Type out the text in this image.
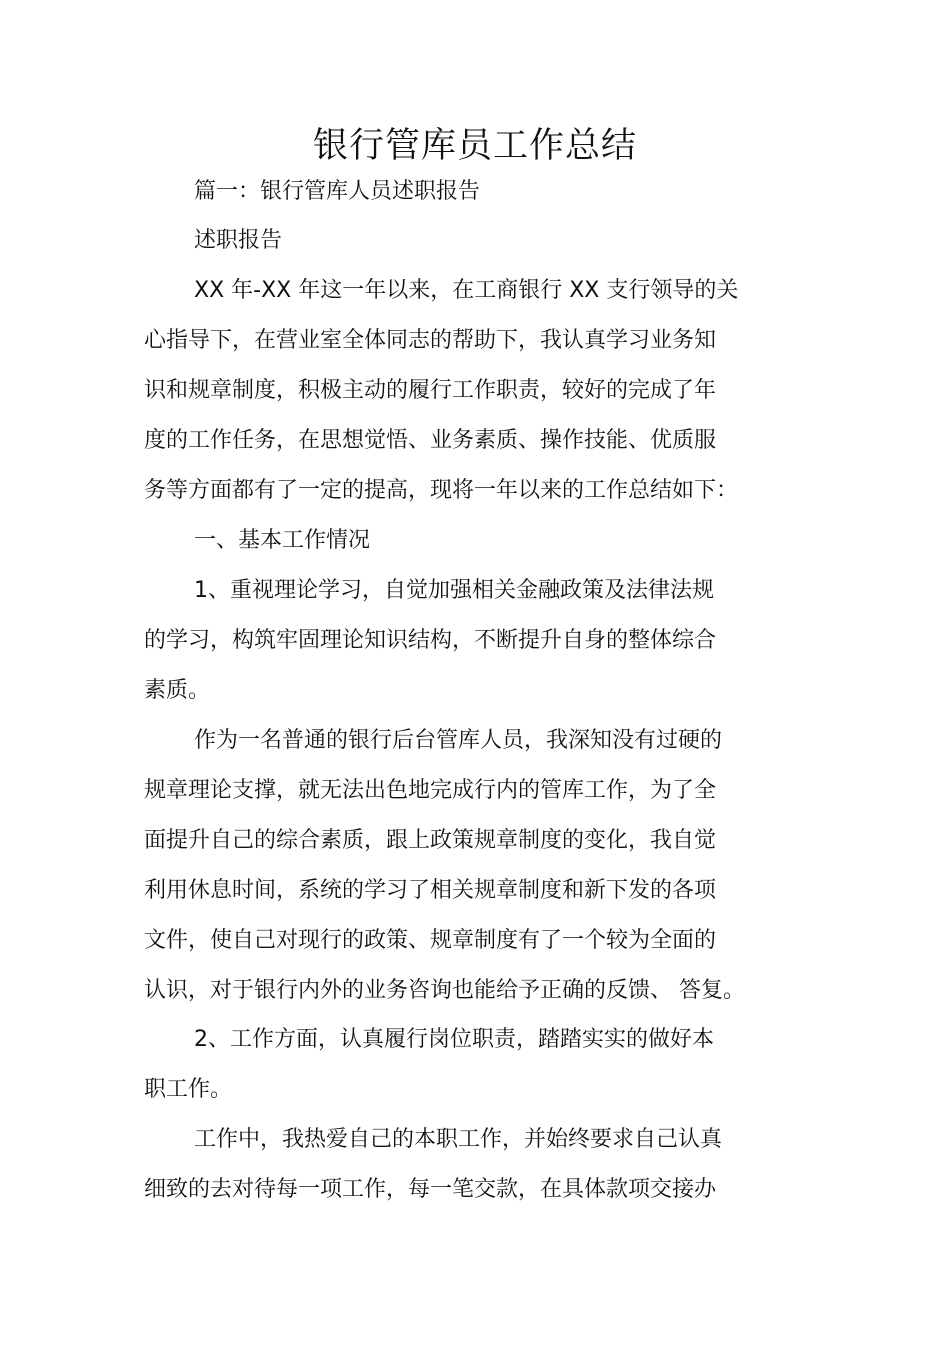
银行管库员工作总结
篇一：银行管库人员述职报告
述职报告
XX 年-XX 年这一年以来，在工商银行 XX 支行领导的关
心指导下，在营业室全体同志的帮助下，我认真学习业务知
识和规章制度，积极主动的履行工作职责，较好的完成了年
度的工作任务，在思想觉悟、业务素质、操作技能、优质服
务等方面都有了一定的提高，现将一年以来的工作总结如下：
一、基本工作情况
1、重视理论学习，自觉加强相关金融政策及法律法规
的学习，构筑牢固理论知识结构，不断提升自身的整体综合
素质。
作为一名普通的银行后台管库人员，我深知没有过硬的
规章理论支撑，就无法出色地完成行内的管库工作，为了全
面提升自己的综合素质，跟上政策规章制度的变化，我自觉
利用休息时间，系统的学习了相关规章制度和新下发的各项
文件，使自己对现行的政策、规章制度有了一个较为全面的
认识，对于银行内外的业务咨询也能给予正确的反馈、 答复。
2、工作方面，认真履行岗位职责，踏踏实实的做好本
职工作。
工作中，我热爱自己的本职工作，并始终要求自己认真
细致的去对待每一项工作，每一笔交款，在具体款项交接办
